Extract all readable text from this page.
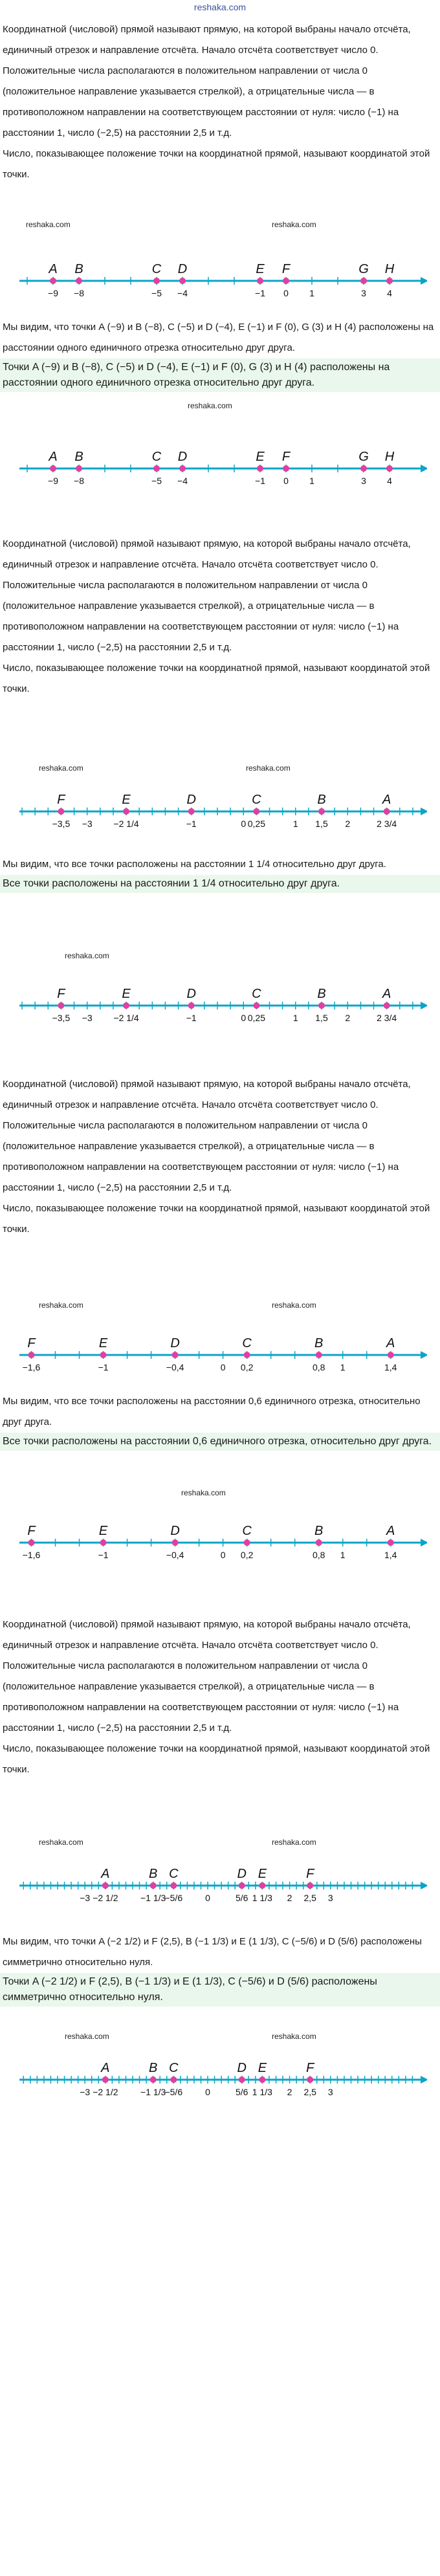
reshaka.com

Координатной (числовой) прямой называют прямую, на которой выбраны начало отсчёта, единичный отрезок и направление отсчёта. Начало отсчёта соответствует число 0. Положительные числа располагаются в положительном направлении от числа 0 (положительное направление указывается стрелкой), а отрицательные числа — в противоположном направлении на соответствующем расстоянии от нуля: число (−1) на расстоянии 1, число (−2,5) на расстоянии 2,5 и т.д.

Число, показывающее положение точки на координатной прямой, называют координатой этой точки.

1
A
−9
B
−8
C
−5
D
−4
E
−1
F
0
G
3
H
4

Мы видим, что точки A (−9) и B (−8), C (−5) и D (−4), E (−1) и F (0), G (3) и H (4) расположены на расстоянии одного единичного отрезка относительно друг друга.

Точки A (−9) и B (−8), C (−5) и D (−4), E (−1) и F (0), G (3) и H (4) расположены на расстоянии одного единичного отрезка относительно друг друга.

1
A
−9
B
−8
C
−5
D
−4
E
−1
F
0
G
3
H
4

Координатной (числовой) прямой называют прямую, на которой выбраны начало отсчёта, единичный отрезок и направление отсчёта. Начало отсчёта соответствует число 0. Положительные числа располагаются в положительном направлении от числа 0 (положительное направление указывается стрелкой), а отрицательные числа — в противоположном направлении на соответствующем расстоянии от нуля: число (−1) на расстоянии 1, число (−2,5) на расстоянии 2,5 и т.д.

Число, показывающее положение точки на координатной прямой, называют координатой этой точки.

−3	0	1	2
F
−3,5
E
−2 1/4
D
−1
C
0,25
B
1,5
A
2 3/4

Мы видим, что все точки расположены на расстоянии 1 1/4 относительно друг друга.

Все точки расположены на расстоянии 1 1/4 относительно друг друга.

−3	0	1	2
F
−3,5
E
−2 1/4
D
−1
C
0,25
B
1,5
A
2 3/4

Координатной (числовой) прямой называют прямую, на которой выбраны начало отсчёта, единичный отрезок и направление отсчёта. Начало отсчёта соответствует число 0. Положительные числа располагаются в положительном направлении от числа 0 (положительное направление указывается стрелкой), а отрицательные числа — в противоположном направлении на соответствующем расстоянии от нуля: число (−1) на расстоянии 1, число (−2,5) на расстоянии 2,5 и т.д.

Число, показывающее положение точки на координатной прямой, называют координатой этой точки.

0	1
F
−1,6
E
−1
D
−0,4
C
0,2
B
0,8
A
1,4

Мы видим, что все точки расположены на расстоянии 0,6 единичного отрезка, относительно друг друга.

Все точки расположены на расстоянии 0,6 единичного отрезка, относительно друг друга.

0	1
F
−1,6
E
−1
D
−0,4
C
0,2
B
0,8
A
1,4

Координатной (числовой) прямой называют прямую, на которой выбраны начало отсчёта, единичный отрезок и направление отсчёта. Начало отсчёта соответствует число 0. Положительные числа располагаются в положительном направлении от числа 0 (положительное направление указывается стрелкой), а отрицательные числа — в противоположном направлении на соответствующем расстоянии от нуля: число (−1) на расстоянии 1, число (−2,5) на расстоянии 2,5 и т.д.

Число, показывающее положение точки на координатной прямой, называют координатой этой точки.

−3	0	2	3
A
−2 1/2
B
−1 1/3
C
−5/6
D
5/6
E
1 1/3
F
2,5

Мы видим, что точки A (−2 1/2) и F (2,5), B (−1 1/3) и E (1 1/3), C (−5/6) и D (5/6) расположены симметрично относительно нуля.

Точки A (−2 1/2) и F (2,5), B (−1 1/3) и E (1 1/3), C (−5/6) и D (5/6) расположены симметрично относительно нуля.

−3	0	2	3
A
−2 1/2
B
−1 1/3
C
−5/6
D
5/6
E
1 1/3
F
2,5
reshaka.com	reshaka.com
reshaka.com
reshaka.com	reshaka.com
reshaka.com
reshaka.com	reshaka.com
reshaka.com
reshaka.com	reshaka.com
reshaka.com	reshaka.com
